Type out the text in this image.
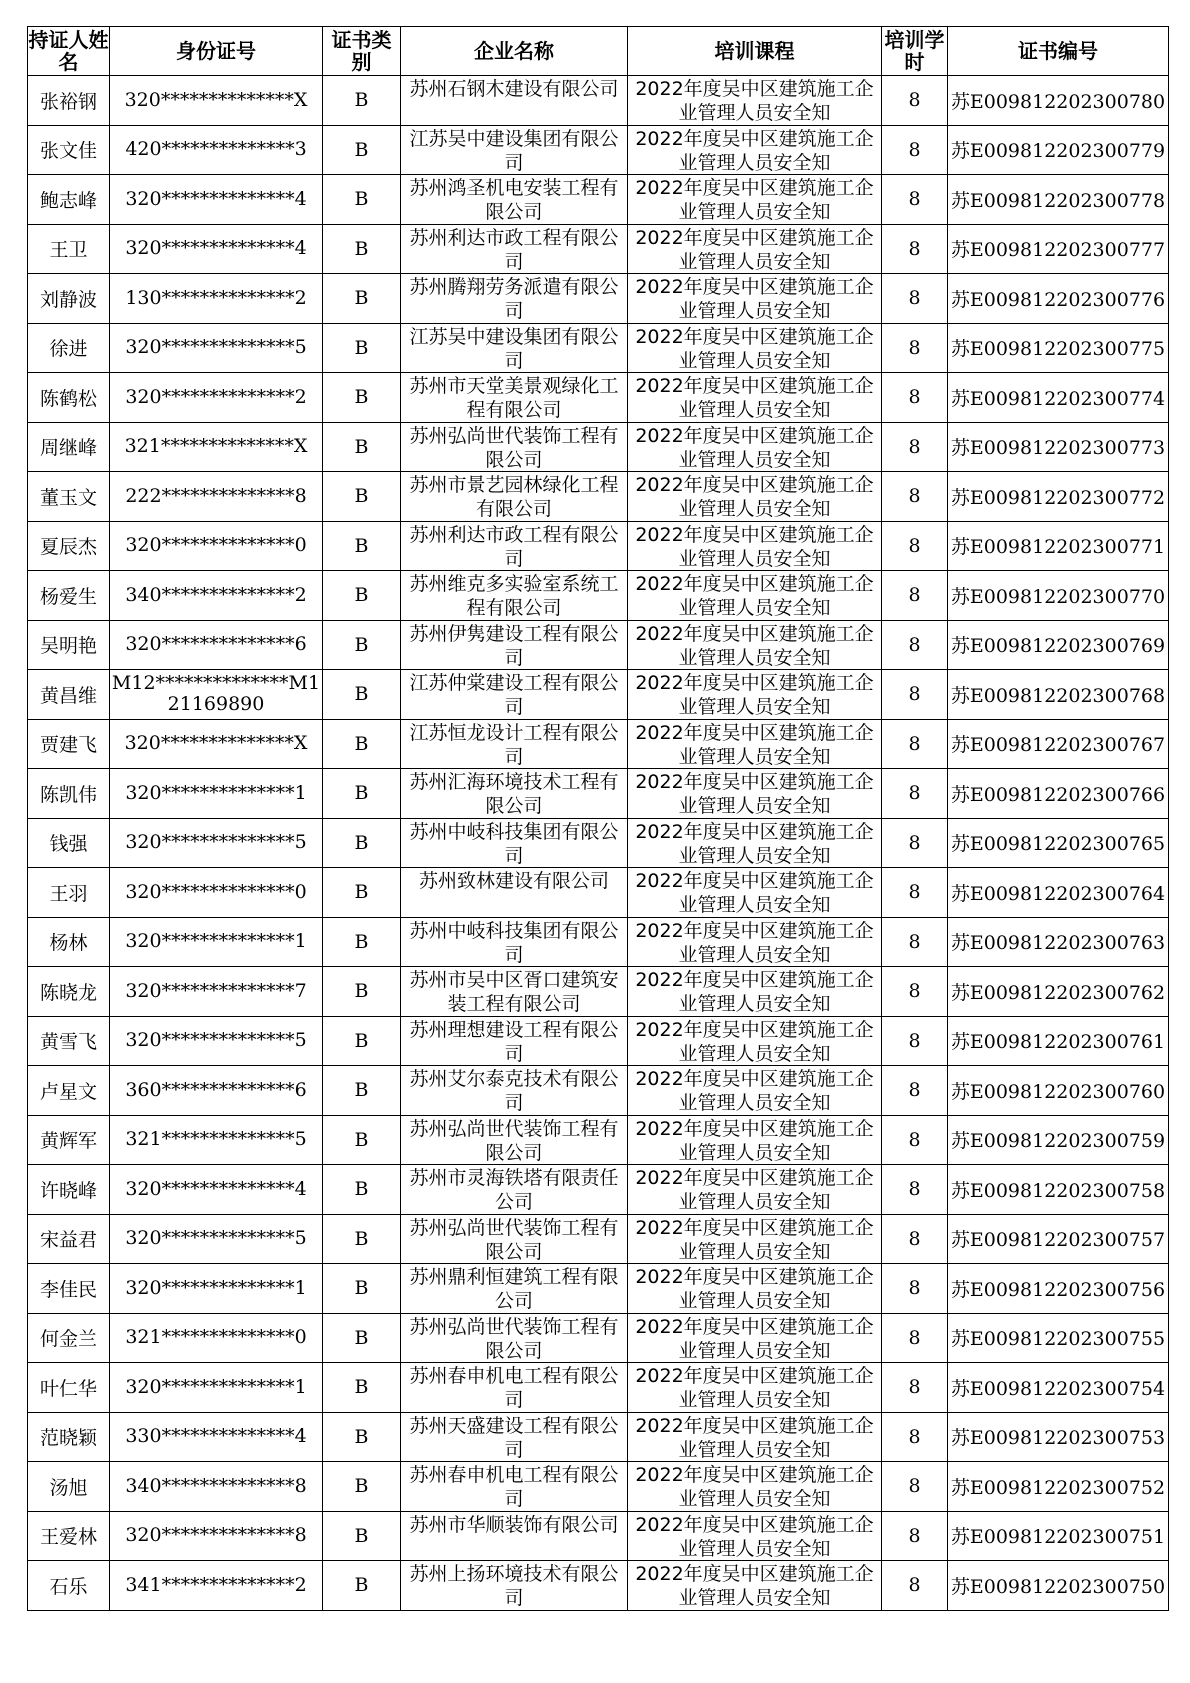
持证人姓名	身份证号	证书类别	企业名称	培训课程	培训学时	证书编号
张裕钢	320**************X	B	苏州石钢木建设有限公司	2022年度吴中区建筑施工企业管理人员安全知	8	苏E009812202300780
张文佳	420**************3	B	江苏吴中建设集团有限公司	2022年度吴中区建筑施工企业管理人员安全知	8	苏E009812202300779
鲍志峰	320**************4	B	苏州鸿圣机电安装工程有限公司	2022年度吴中区建筑施工企业管理人员安全知	8	苏E009812202300778
王卫	320**************4	B	苏州利达市政工程有限公司	2022年度吴中区建筑施工企业管理人员安全知	8	苏E009812202300777
刘静波	130**************2	B	苏州腾翔劳务派遣有限公司	2022年度吴中区建筑施工企业管理人员安全知	8	苏E009812202300776
徐进	320**************5	B	江苏吴中建设集团有限公司	2022年度吴中区建筑施工企业管理人员安全知	8	苏E009812202300775
陈鹤松	320**************2	B	苏州市天堂美景观绿化工程有限公司	2022年度吴中区建筑施工企业管理人员安全知	8	苏E009812202300774
周继峰	321**************X	B	苏州弘尚世代装饰工程有限公司	2022年度吴中区建筑施工企业管理人员安全知	8	苏E009812202300773
董玉文	222**************8	B	苏州市景艺园林绿化工程有限公司	2022年度吴中区建筑施工企业管理人员安全知	8	苏E009812202300772
夏辰杰	320**************0	B	苏州利达市政工程有限公司	2022年度吴中区建筑施工企业管理人员安全知	8	苏E009812202300771
杨爱生	340**************2	B	苏州维克多实验室系统工程有限公司	2022年度吴中区建筑施工企业管理人员安全知	8	苏E009812202300770
吴明艳	320**************6	B	苏州伊隽建设工程有限公司	2022年度吴中区建筑施工企业管理人员安全知	8	苏E009812202300769
黄昌维	M12**************M121169890	B	江苏仲棠建设工程有限公司	2022年度吴中区建筑施工企业管理人员安全知	8	苏E009812202300768
贾建飞	320**************X	B	江苏恒龙设计工程有限公司	2022年度吴中区建筑施工企业管理人员安全知	8	苏E009812202300767
陈凯伟	320**************1	B	苏州汇海环境技术工程有限公司	2022年度吴中区建筑施工企业管理人员安全知	8	苏E009812202300766
钱强	320**************5	B	苏州中岐科技集团有限公司	2022年度吴中区建筑施工企业管理人员安全知	8	苏E009812202300765
王羽	320**************0	B	苏州致林建设有限公司	2022年度吴中区建筑施工企业管理人员安全知	8	苏E009812202300764
杨林	320**************1	B	苏州中岐科技集团有限公司	2022年度吴中区建筑施工企业管理人员安全知	8	苏E009812202300763
陈晓龙	320**************7	B	苏州市吴中区胥口建筑安装工程有限公司	2022年度吴中区建筑施工企业管理人员安全知	8	苏E009812202300762
黄雪飞	320**************5	B	苏州理想建设工程有限公司	2022年度吴中区建筑施工企业管理人员安全知	8	苏E009812202300761
卢星文	360**************6	B	苏州艾尔泰克技术有限公司	2022年度吴中区建筑施工企业管理人员安全知	8	苏E009812202300760
黄辉军	321**************5	B	苏州弘尚世代装饰工程有限公司	2022年度吴中区建筑施工企业管理人员安全知	8	苏E009812202300759
许晓峰	320**************4	B	苏州市灵海铁塔有限责任公司	2022年度吴中区建筑施工企业管理人员安全知	8	苏E009812202300758
宋益君	320**************5	B	苏州弘尚世代装饰工程有限公司	2022年度吴中区建筑施工企业管理人员安全知	8	苏E009812202300757
李佳民	320**************1	B	苏州鼎利恒建筑工程有限公司	2022年度吴中区建筑施工企业管理人员安全知	8	苏E009812202300756
何金兰	321**************0	B	苏州弘尚世代装饰工程有限公司	2022年度吴中区建筑施工企业管理人员安全知	8	苏E009812202300755
叶仁华	320**************1	B	苏州春申机电工程有限公司	2022年度吴中区建筑施工企业管理人员安全知	8	苏E009812202300754
范晓颖	330**************4	B	苏州天盛建设工程有限公司	2022年度吴中区建筑施工企业管理人员安全知	8	苏E009812202300753
汤旭	340**************8	B	苏州春申机电工程有限公司	2022年度吴中区建筑施工企业管理人员安全知	8	苏E009812202300752
王爱林	320**************8	B	苏州市华顺装饰有限公司	2022年度吴中区建筑施工企业管理人员安全知	8	苏E009812202300751
石乐	341**************2	B	苏州上扬环境技术有限公司	2022年度吴中区建筑施工企业管理人员安全知	8	苏E009812202300750
